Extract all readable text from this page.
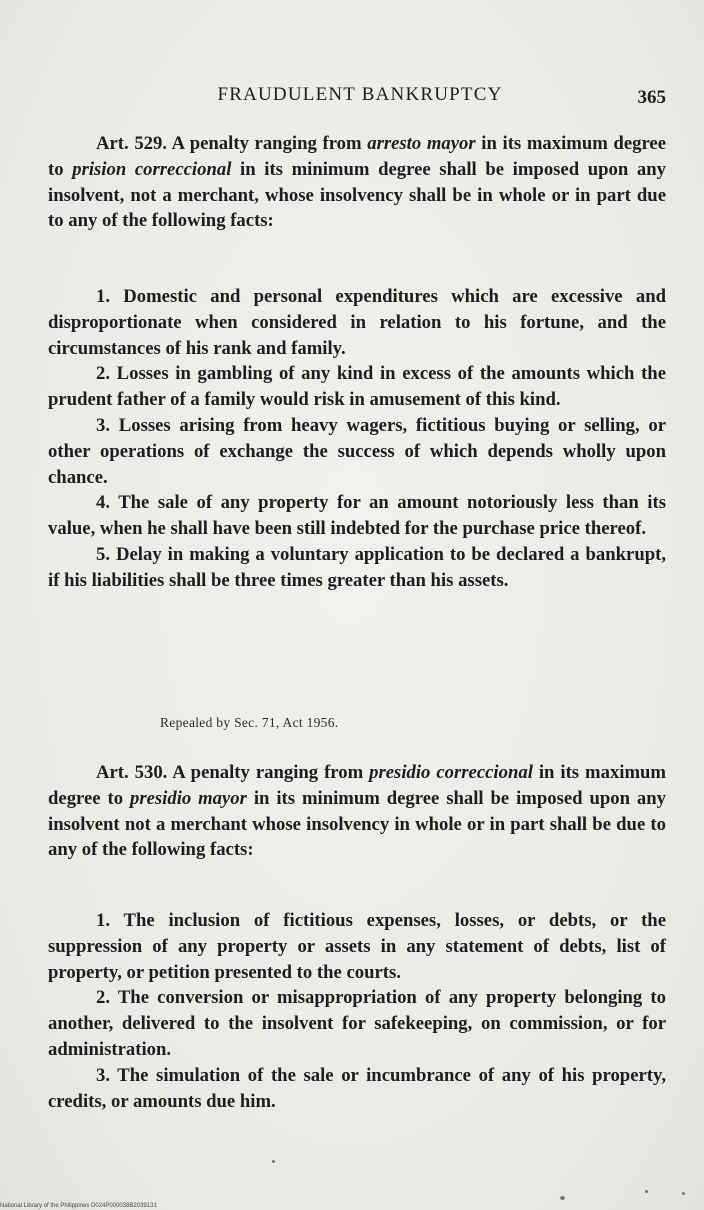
FRAUDULENT BANKRUPTCY	365

Art. 529. A penalty ranging from arresto mayor in its maximum degree to prision correccional in its minimum degree shall be imposed upon any insolvent, not a merchant, whose insolvency shall be in whole or in part due to any of the following facts:

1. Domestic and personal expenditures which are excessive and disproportionate when considered in relation to his fortune, and the circumstances of his rank and family.

2. Losses in gambling of any kind in excess of the amounts which the prudent father of a family would risk in amusement of this kind.

3. Losses arising from heavy wagers, fictitious buying or selling, or other operations of exchange the success of which depends wholly upon chance.

4. The sale of any property for an amount notoriously less than its value, when he shall have been still indebted for the purchase price thereof.

5. Delay in making a voluntary application to be declared a bankrupt, if his liabilities shall be three times greater than his assets.

Repealed by Sec. 71, Act 1956.

Art. 530. A penalty ranging from presidio correccional in its maximum degree to presidio mayor in its minimum degree shall be imposed upon any insolvent not a merchant whose insolvency in whole or in part shall be due to any of the following facts:

1. The inclusion of fictitious expenses, losses, or debts, or the suppression of any property or assets in any statement of debts, list of property, or petition presented to the courts.

2. The conversion or misappropriation of any property belonging to another, delivered to the insolvent for safekeeping, on commission, or for administration.

3. The simulation of the sale or incumbrance of any of his property, credits, or amounts due him.

National Library of the Philippines D024P000038B2039131
